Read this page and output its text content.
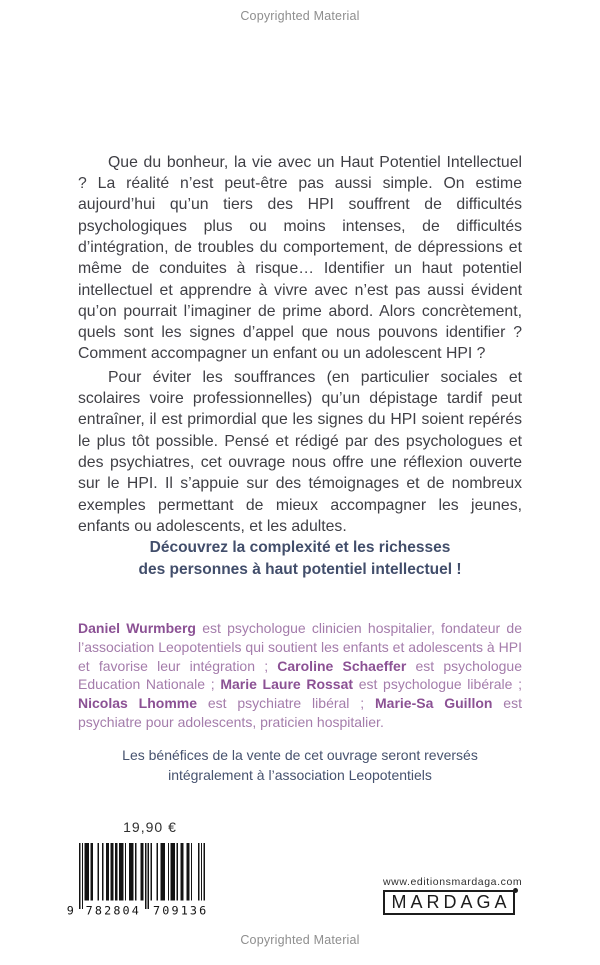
Copyrighted Material

Que du bonheur, la vie avec un Haut Potentiel Intellectuel ? La réalité n’est peut-être pas aussi simple. On estime aujourd’hui qu’un tiers des HPI souffrent de difficultés psychologiques plus ou moins intenses, de difficultés d’intégration, de troubles du comportement, de dépressions et même de conduites à risque… Identifier un haut potentiel intellectuel et apprendre à vivre avec n’est pas aussi évident qu’on pourrait l’imaginer de prime abord. Alors concrètement, quels sont les signes d’appel que nous pouvons identifier ? Comment accompagner un enfant ou un adolescent HPI ?

Pour éviter les souffrances (en particulier sociales et scolaires voire professionnelles) qu’un dépistage tardif peut entraîner, il est primordial que les signes du HPI soient repérés le plus tôt possible. Pensé et rédigé par des psychologues et des psychiatres, cet ouvrage nous offre une réflexion ouverte sur le HPI. Il s’appuie sur des témoignages et de nombreux exemples permettant de mieux accompagner les jeunes, enfants ou adolescents, et les adultes.

Découvrez la complexité et les richesses
des personnes à haut potentiel intellectuel !

Daniel Wurmberg est psychologue clinicien hospitalier, fondateur de l’association Leopotentiels qui soutient les enfants et adolescents à HPI et favorise leur intégration ; Caroline Schaeffer est psychologue Education Nationale ; Marie Laure Rossat est psychologue libérale ; Nicolas Lhomme est psychiatre libéral ; Marie-Sa Guillon est psychiatre pour adolescents, praticien hospitalier.

Les bénéfices de la vente de cet ouvrage seront reversés
intégralement à l’association Leopotentiels
19,90 €
9 782804 709136
www.editionsmardaga.com
MARDAGA
Copyrighted Material
